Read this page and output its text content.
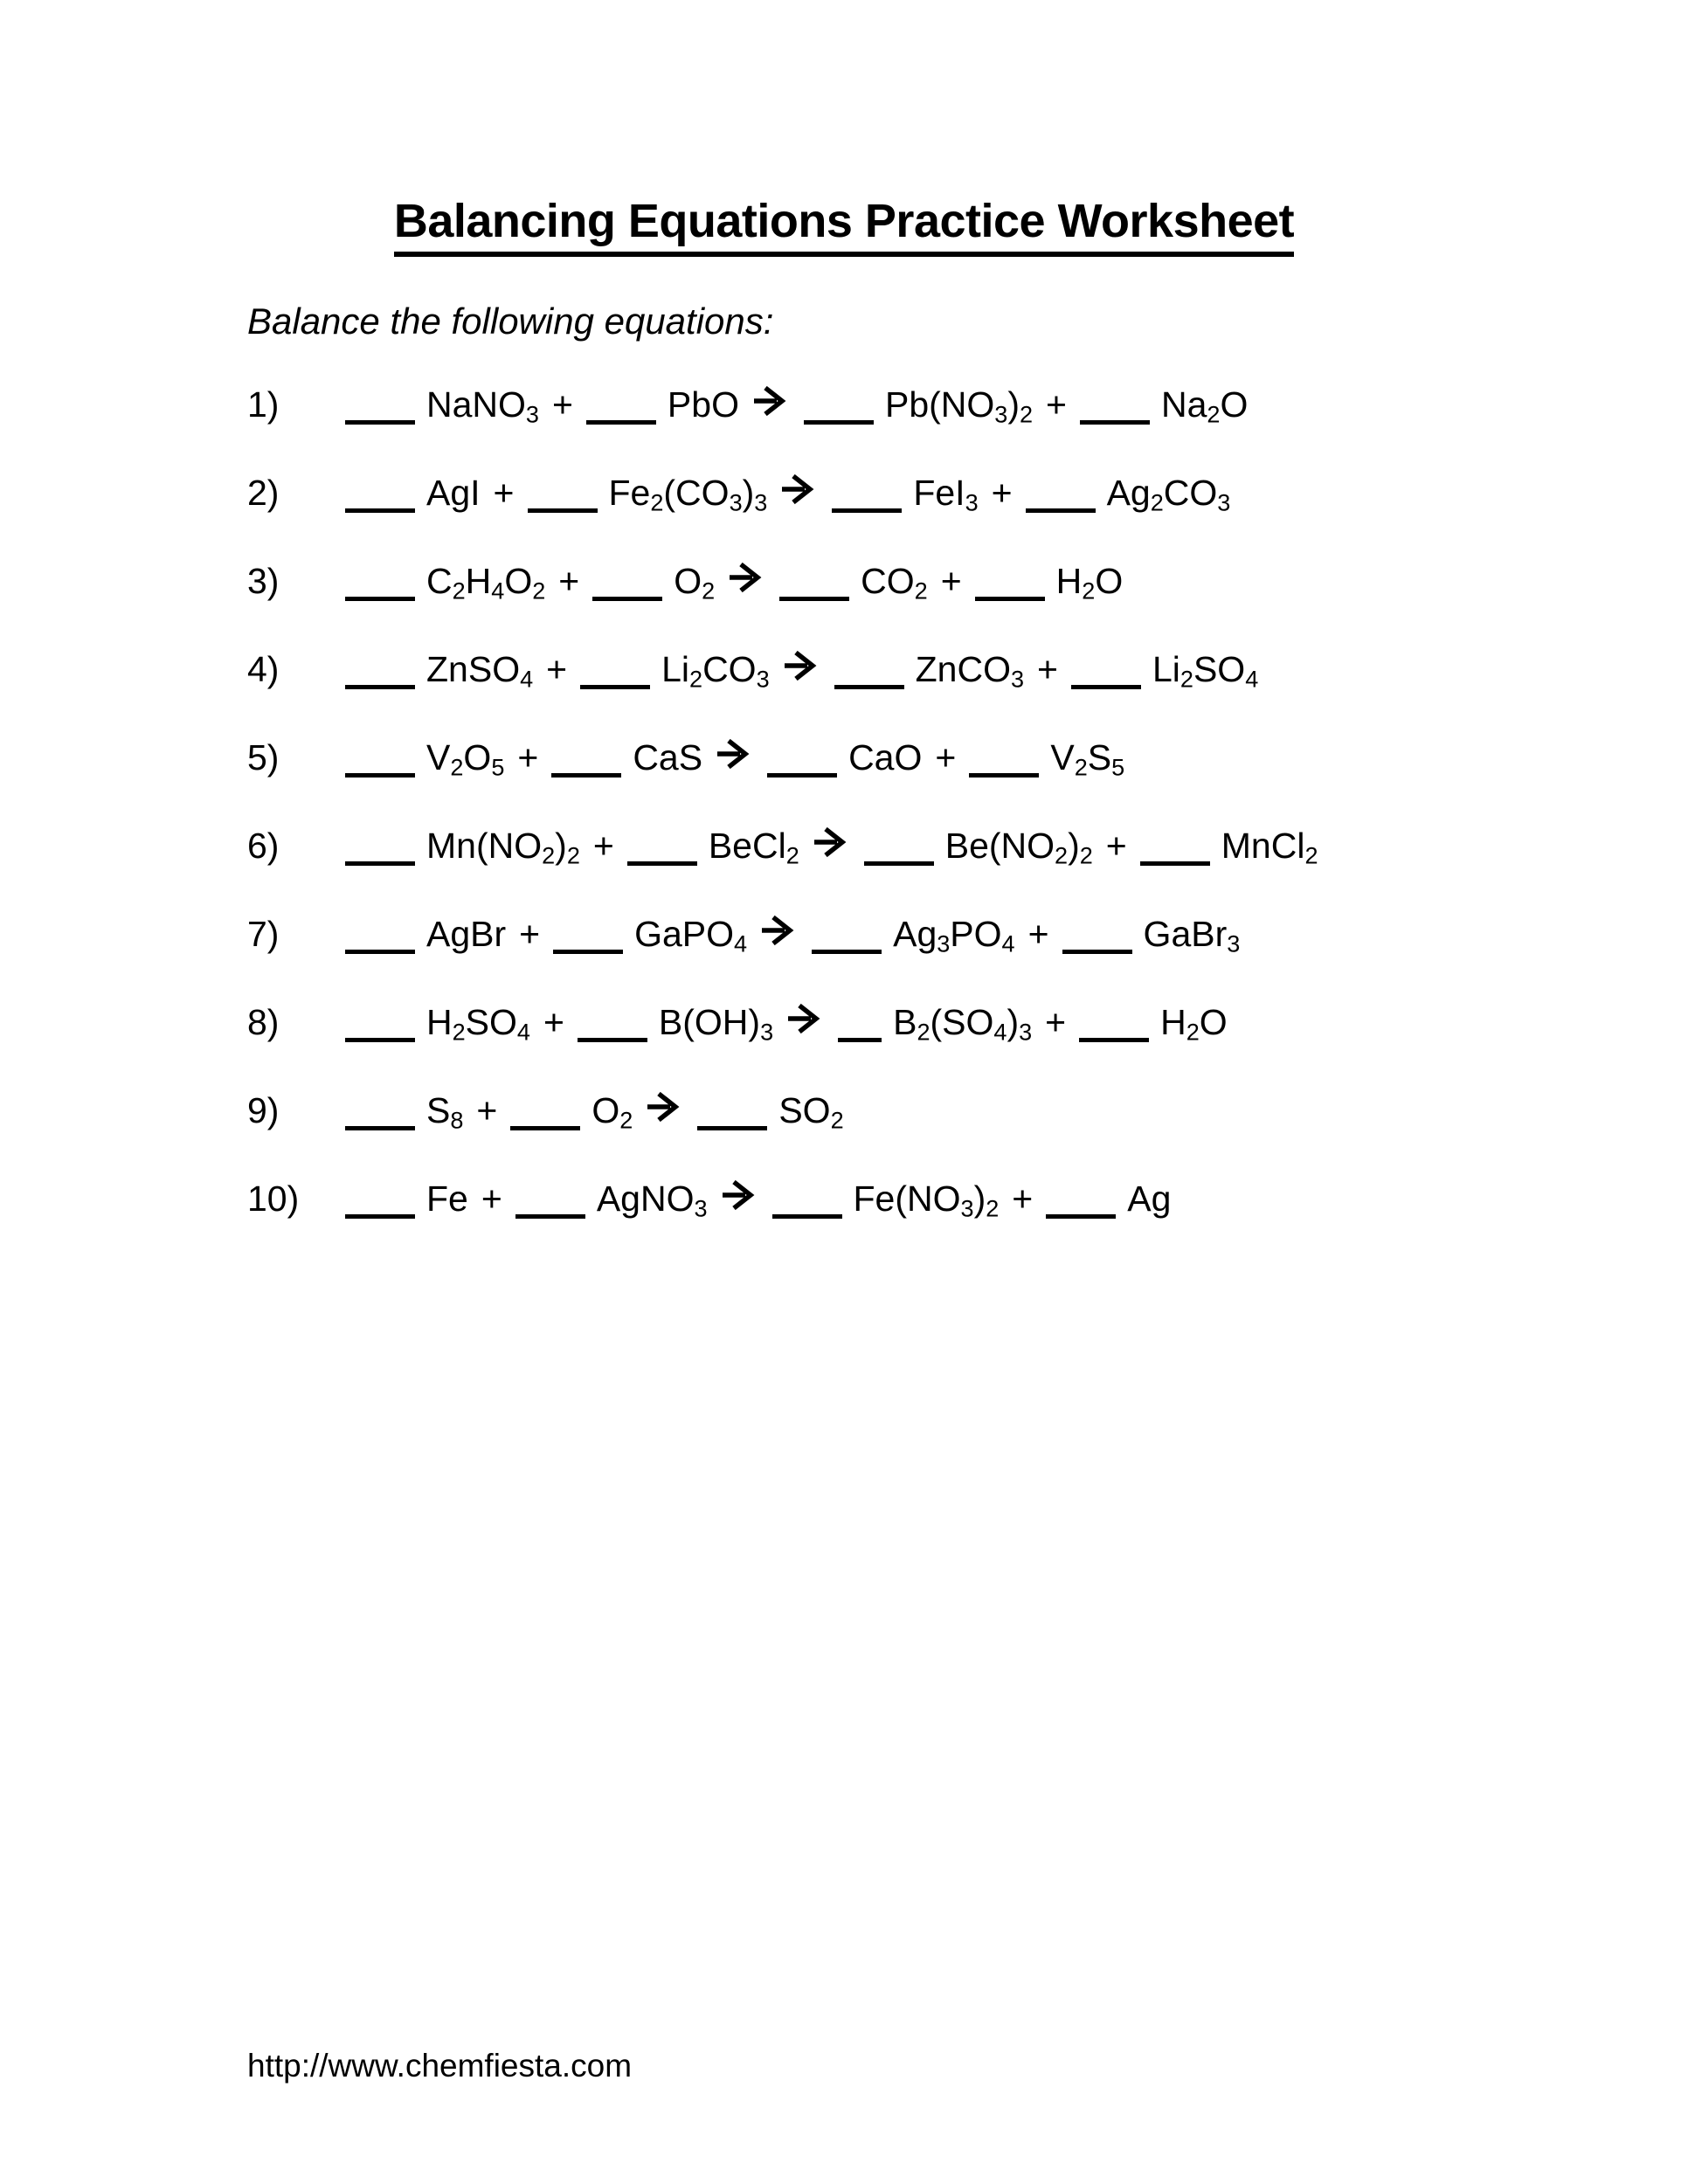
Balancing Equations Practice Worksheet
Balance the following equations:
1)	NaNO$_3$ +	PbO	$Pb(NO_3)_2$ +	$Na_2O$
2)	AgI +	$Fe_2(CO_3)_3$	FeI$_3$ +	$Ag_2CO_3$
3)	$C_2H_4O_2$ +	$O_2$	$CO_2$ +	$H_2O$
4)	ZnSO$_4$ +	$Li_2CO_3$	ZnCO$_3$ +	$Li_2SO_4$
5)	$V_2O_5$ +	CaS	CaO +	$V_2S_5$
6)	$Mn(NO_2)_2$ +	BeCl$_2$	$Be(NO_2)_2$ +	MnCl$_2$
7)	AgBr +	GaPO$_4$	$Ag_3PO_4$ +	GaBr$_3$
8)	$H_2SO_4$ +	$B(OH)_3$	$B_2(SO_4)_3$ +	$H_2O$
9)	$S_8$ +	$O_2$	$SO_2$
10)	Fe +	AgNO$_3$	$Fe(NO_3)_2$ +	Ag
http://www.chemfiesta.com
